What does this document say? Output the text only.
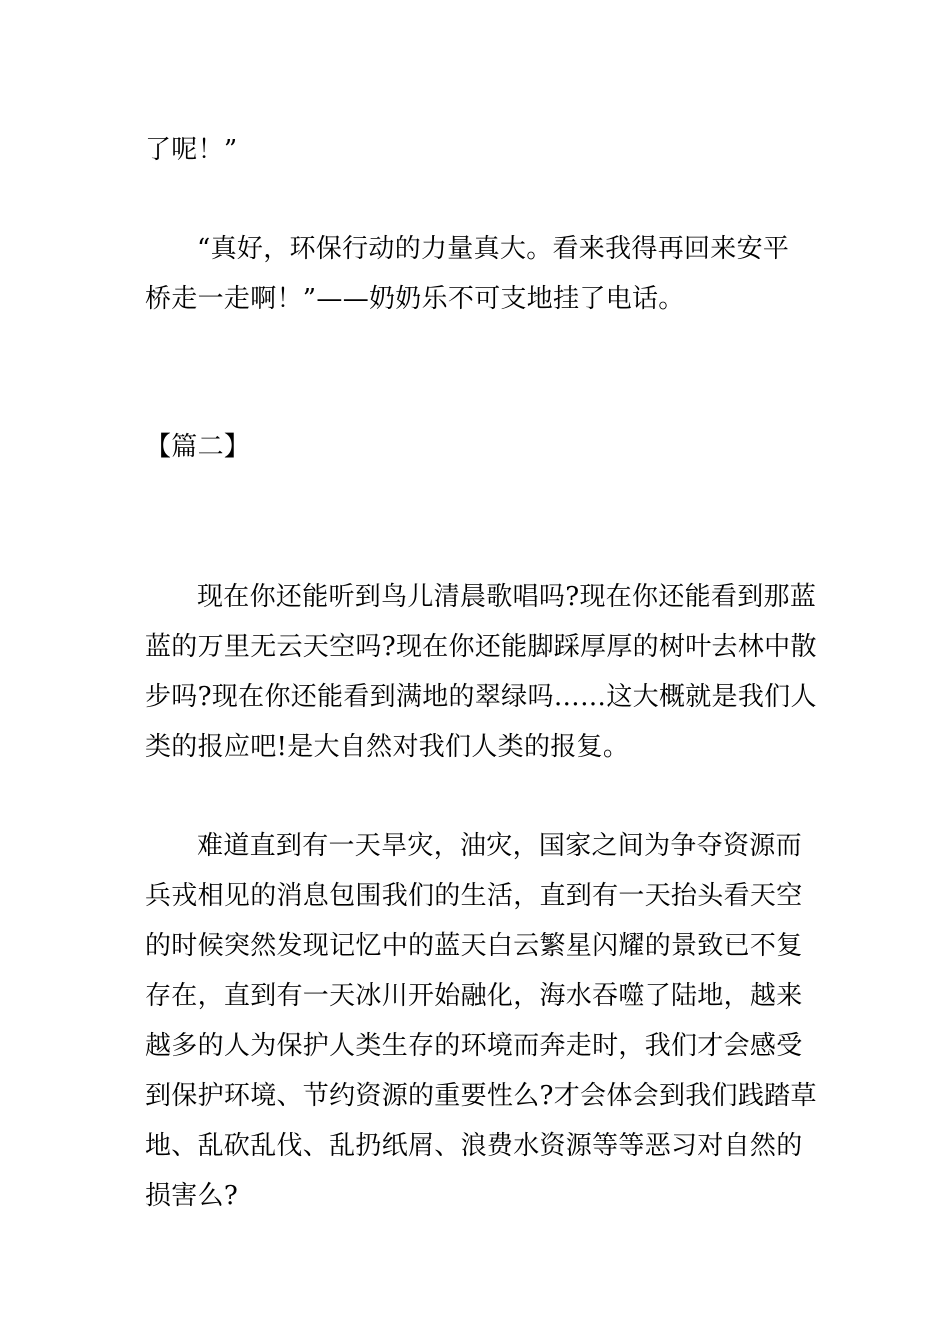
了呢！”
“真好，环保行动的力量真大。看来我得再回来安平
桥走一走啊！”——奶奶乐不可支地挂了电话。
【篇二】
现在你还能听到鸟儿清晨歌唱吗?现在你还能看到那蓝
蓝的万里无云天空吗?现在你还能脚踩厚厚的树叶去林中散
步吗?现在你还能看到满地的翠绿吗……这大概就是我们人
类的报应吧!是大自然对我们人类的报复。
难道直到有一天旱灾，油灾，国家之间为争夺资源而
兵戎相见的消息包围我们的生活，直到有一天抬头看天空
的时候突然发现记忆中的蓝天白云繁星闪耀的景致已不复
存在，直到有一天冰川开始融化，海水吞噬了陆地，越来
越多的人为保护人类生存的环境而奔走时，我们才会感受
到保护环境、节约资源的重要性么?才会体会到我们践踏草
地、乱砍乱伐、乱扔纸屑、浪费水资源等等恶习对自然的
损害么?
